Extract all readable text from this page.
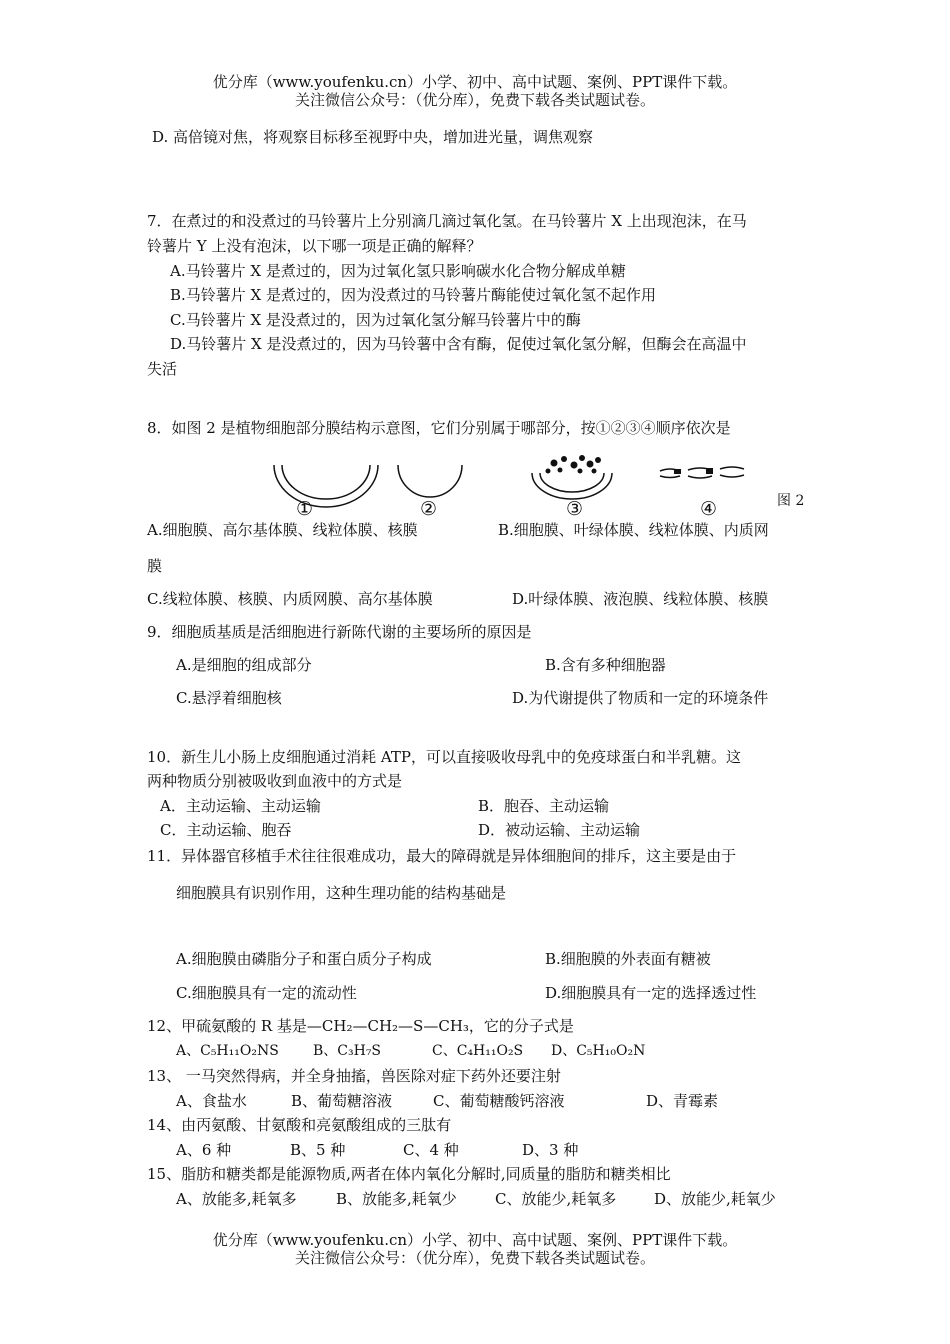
优分库（www.youfenku.cn）小学、初中、高中试题、案例、PPT课件下载。
关注微信公众号：（优分库），免费下载各类试题试卷。
D. 高倍镜对焦，将观察目标移至视野中央，增加进光量，调焦观察
7．在煮过的和没煮过的马铃薯片上分别滴几滴过氧化氢。在马铃薯片 X 上出现泡沫，在马
铃薯片 Y 上没有泡沫，以下哪一项是正确的解释？
A.马铃薯片 X 是煮过的，因为过氧化氢只影响碳水化合物分解成单糖
B.马铃薯片 X 是煮过的，因为没煮过的马铃薯片酶能使过氧化氢不起作用
C.马铃薯片 X 是没煮过的，因为过氧化氢分解马铃薯片中的酶
D.马铃薯片 X 是没煮过的，因为马铃薯中含有酶，促使过氧化氢分解，但酶会在高温中
失活
8．如图 2 是植物细胞部分膜结构示意图，它们分别属于哪部分，按①②③④顺序依次是
①	②	③	④	图 2
A.细胞膜、高尔基体膜、线粒体膜、核膜	B.细胞膜、叶绿体膜、线粒体膜、内质网
膜
C.线粒体膜、核膜、内质网膜、高尔基体膜	D.叶绿体膜、液泡膜、线粒体膜、核膜
9．细胞质基质是活细胞进行新陈代谢的主要场所的原因是
A.是细胞的组成部分	B.含有多种细胞器
C.悬浮着细胞核	D.为代谢提供了物质和一定的环境条件
10．新生儿小肠上皮细胞通过消耗 ATP，可以直接吸收母乳中的免疫球蛋白和半乳糖。这
两种物质分别被吸收到血液中的方式是
A．主动运输、主动运输	B．胞吞、主动运输
C．主动运输、胞吞	D．被动运输、主动运输
11．异体器官移植手术往往很难成功，最大的障碍就是异体细胞间的排斥，这主要是由于
细胞膜具有识别作用，这种生理功能的结构基础是
A.细胞膜由磷脂分子和蛋白质分子构成	B.细胞膜的外表面有糖被
C.细胞膜具有一定的流动性	D.细胞膜具有一定的选择透过性
12、甲硫氨酸的 R 基是—CH₂—CH₂—S—CH₃，它的分子式是
A、C₅H₁₁O₂NS B、C₃H₇S	C、C₄H₁₁O₂S D、C₅H₁₀O₂N
13、 一马突然得病，并全身抽搐，兽医除对症下药外还要注射
A、食盐水	B、葡萄糖溶液	C、葡萄糖酸钙溶液	D、青霉素
14、由丙氨酸、甘氨酸和亮氨酸组成的三肽有
A、6 种	B、5 种	C、4 种	D、3 种
15、脂肪和糖类都是能源物质,两者在体内氧化分解时,同质量的脂肪和糖类相比
A、放能多,耗氧多	B、放能多,耗氧少	C、放能少,耗氧多	D、放能少,耗氧少
优分库（www.youfenku.cn）小学、初中、高中试题、案例、PPT课件下载。
关注微信公众号：（优分库），免费下载各类试题试卷。
